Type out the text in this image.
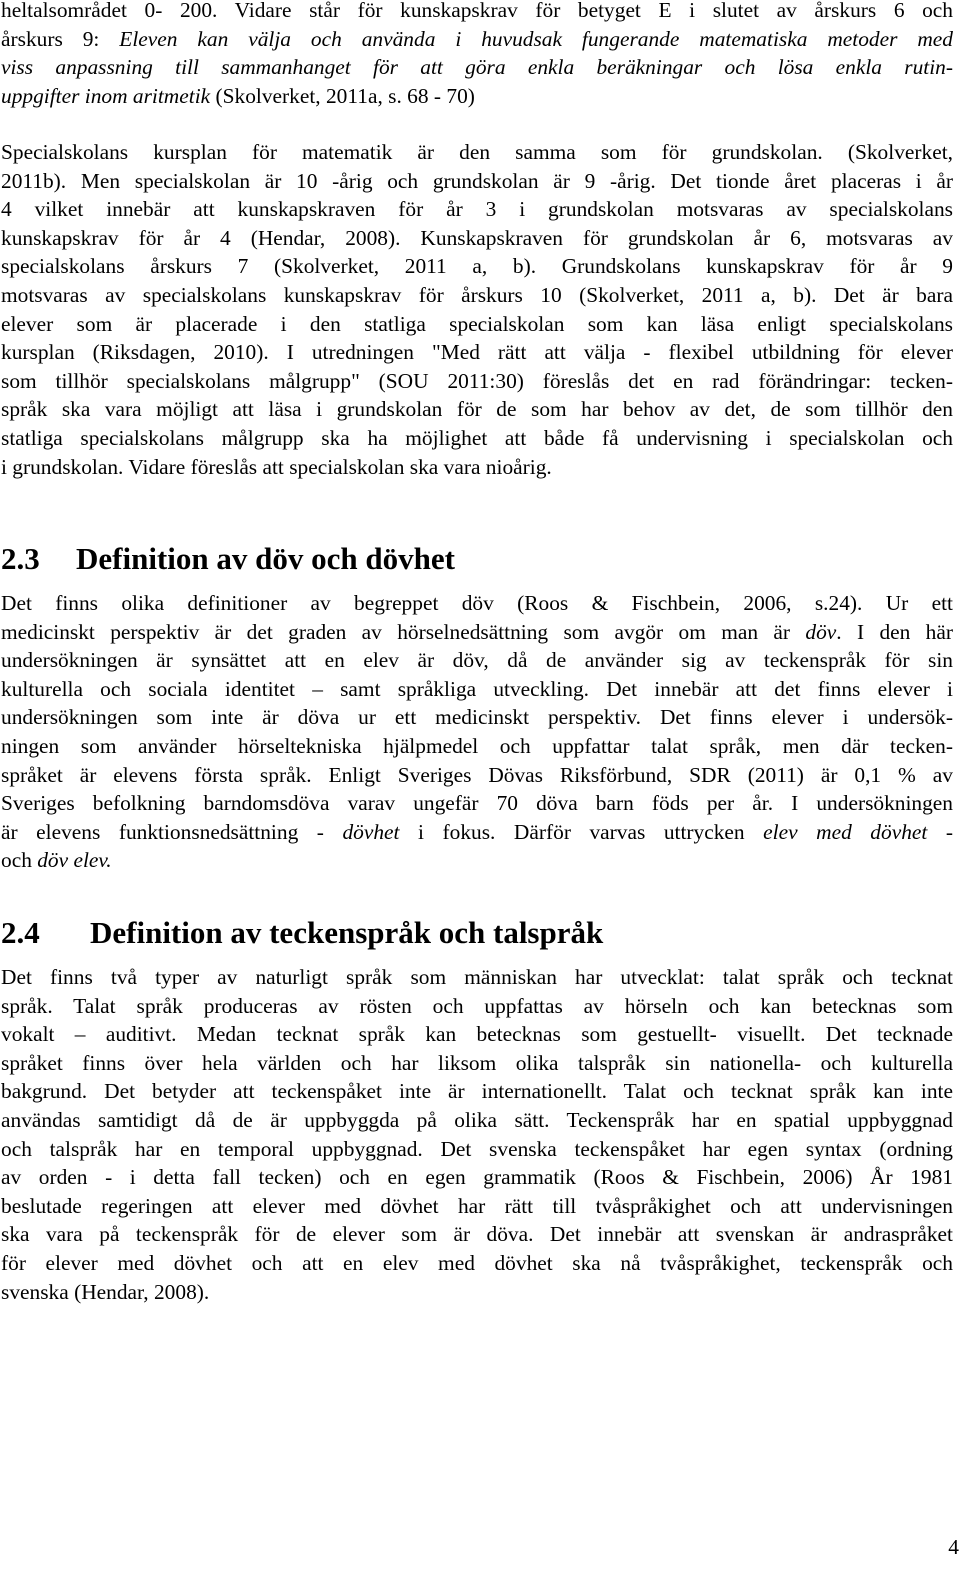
heltalsområdet 0- 200. Vidare står för kunskapskrav för betyget E i slutet av årskurs 6 och
årskurs 9: Eleven kan välja och använda i huvudsak fungerande matematiska metoder med
viss anpassning till sammanhanget för att göra enkla beräkningar och lösa enkla rutin-
uppgifter inom aritmetik (Skolverket, 2011a, s. 68 - 70)
Specialskolans kursplan för matematik är den samma som för grundskolan. (Skolverket,
2011b). Men specialskolan är 10 -årig och grundskolan är 9 -årig. Det tionde året placeras i år
4 vilket innebär att kunskapskraven för år 3 i grundskolan motsvaras av specialskolans
kunskapskrav för år 4 (Hendar, 2008). Kunskapskraven för grundskolan år 6, motsvaras av
specialskolans årskurs 7 (Skolverket, 2011 a, b). Grundskolans kunskapskrav för år 9
motsvaras av specialskolans kunskapskrav för årskurs 10 (Skolverket, 2011 a, b). Det är bara
elever som är placerade i den statliga specialskolan som kan läsa enligt specialskolans
kursplan (Riksdagen, 2010). I utredningen "Med rätt att välja - flexibel utbildning för elever
som tillhör specialskolans målgrupp" (SOU 2011:30) föreslås det en rad förändringar: tecken-
språk ska vara möjligt att läsa i grundskolan för de som har behov av det, de som tillhör den
statliga specialskolans målgrupp ska ha möjlighet att både få undervisning i specialskolan och
i grundskolan. Vidare föreslås att specialskolan ska vara nioårig.
2.3 Definition av döv och dövhet
Det finns olika definitioner av begreppet döv (Roos & Fischbein, 2006, s.24). Ur ett
medicinskt perspektiv är det graden av hörselnedsättning som avgör om man är döv. I den här
undersökningen är synsättet att en elev är döv, då de använder sig av teckenspråk för sin
kulturella och sociala identitet – samt språkliga utveckling. Det innebär att det finns elever i
undersökningen som inte är döva ur ett medicinskt perspektiv. Det finns elever i undersök-
ningen som använder hörseltekniska hjälpmedel och uppfattar talat språk, men där tecken-
språket är elevens första språk. Enligt Sveriges Dövas Riksförbund, SDR (2011) är 0,1 % av
Sveriges befolkning barndomsdöva varav ungefär 70 döva barn föds per år. I undersökningen
är elevens funktionsnedsättning - dövhet i fokus. Därför varvas uttrycken elev med dövhet -
och döv elev.
2.4 Definition av teckenspråk och talspråk
Det finns två typer av naturligt språk som människan har utvecklat: talat språk och tecknat
språk. Talat språk produceras av rösten och uppfattas av hörseln och kan betecknas som
vokalt – auditivt. Medan tecknat språk kan betecknas som gestuellt- visuellt. Det tecknade
språket finns över hela världen och har liksom olika talspråk sin nationella- och kulturella
bakgrund. Det betyder att teckenspåket inte är internationellt. Talat och tecknat språk kan inte
användas samtidigt då de är uppbyggda på olika sätt. Teckenspråk har en spatial uppbyggnad
och talspråk har en temporal uppbyggnad. Det svenska teckenspåket har egen syntax (ordning
av orden - i detta fall tecken) och en egen grammatik (Roos & Fischbein, 2006) År 1981
beslutade regeringen att elever med dövhet har rätt till tvåspråkighet och att undervisningen
ska vara på teckenspråk för de elever som är döva. Det innebär att svenskan är andraspråket
för elever med dövhet och att en elev med dövhet ska nå tvåspråkighet, teckenspråk och
svenska (Hendar, 2008).
4
